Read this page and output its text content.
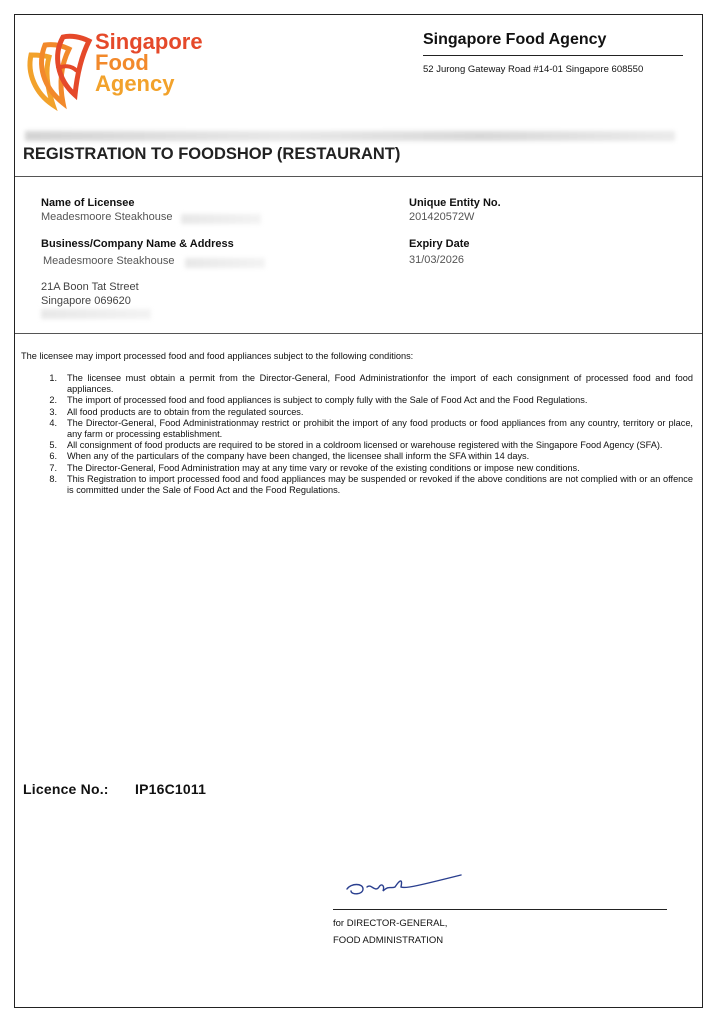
Singapore
Food
Agency
Singapore Food Agency
52 Jurong Gateway Road #14-01 Singapore 608550
REGISTRATION TO FOODSHOP (RESTAURANT)
Name of Licensee
Meadesmoore Steakhouse
Unique Entity No.
201420572W
Business/Company Name & Address
Meadesmoore Steakhouse
Expiry Date
31/03/2026
21A Boon Tat Street
Singapore 069620
The licensee may import processed food and food appliances subject to the following conditions:
1. The licensee must obtain a permit from the Director-General, Food Administrationfor the import of each consignment of processed food and food appliances.
2. The import of processed food and food appliances is subject to comply fully with the Sale of Food Act and the Food Regulations.
3. All food products are to obtain from the regulated sources.
4. The Director-General, Food Administrationmay restrict or prohibit the import of any food products or food appliances from any country, territory or place, any farm or processing establishment.
5. All consignment of food products are required to be stored in a coldroom licensed or warehouse registered with the Singapore Food Agency (SFA).
6. When any of the particulars of the company have been changed, the licensee shall inform the SFA within 14 days.
7. The Director-General, Food Administration may at any time vary or revoke of the existing conditions or impose new conditions.
8. This Registration to import processed food and food appliances may be suspended or revoked if the above conditions are not complied with or an offence is committed under the Sale of Food Act and the Food Regulations.
Licence No.: IP16C1011
for DIRECTOR-GENERAL,
FOOD ADMINISTRATION
